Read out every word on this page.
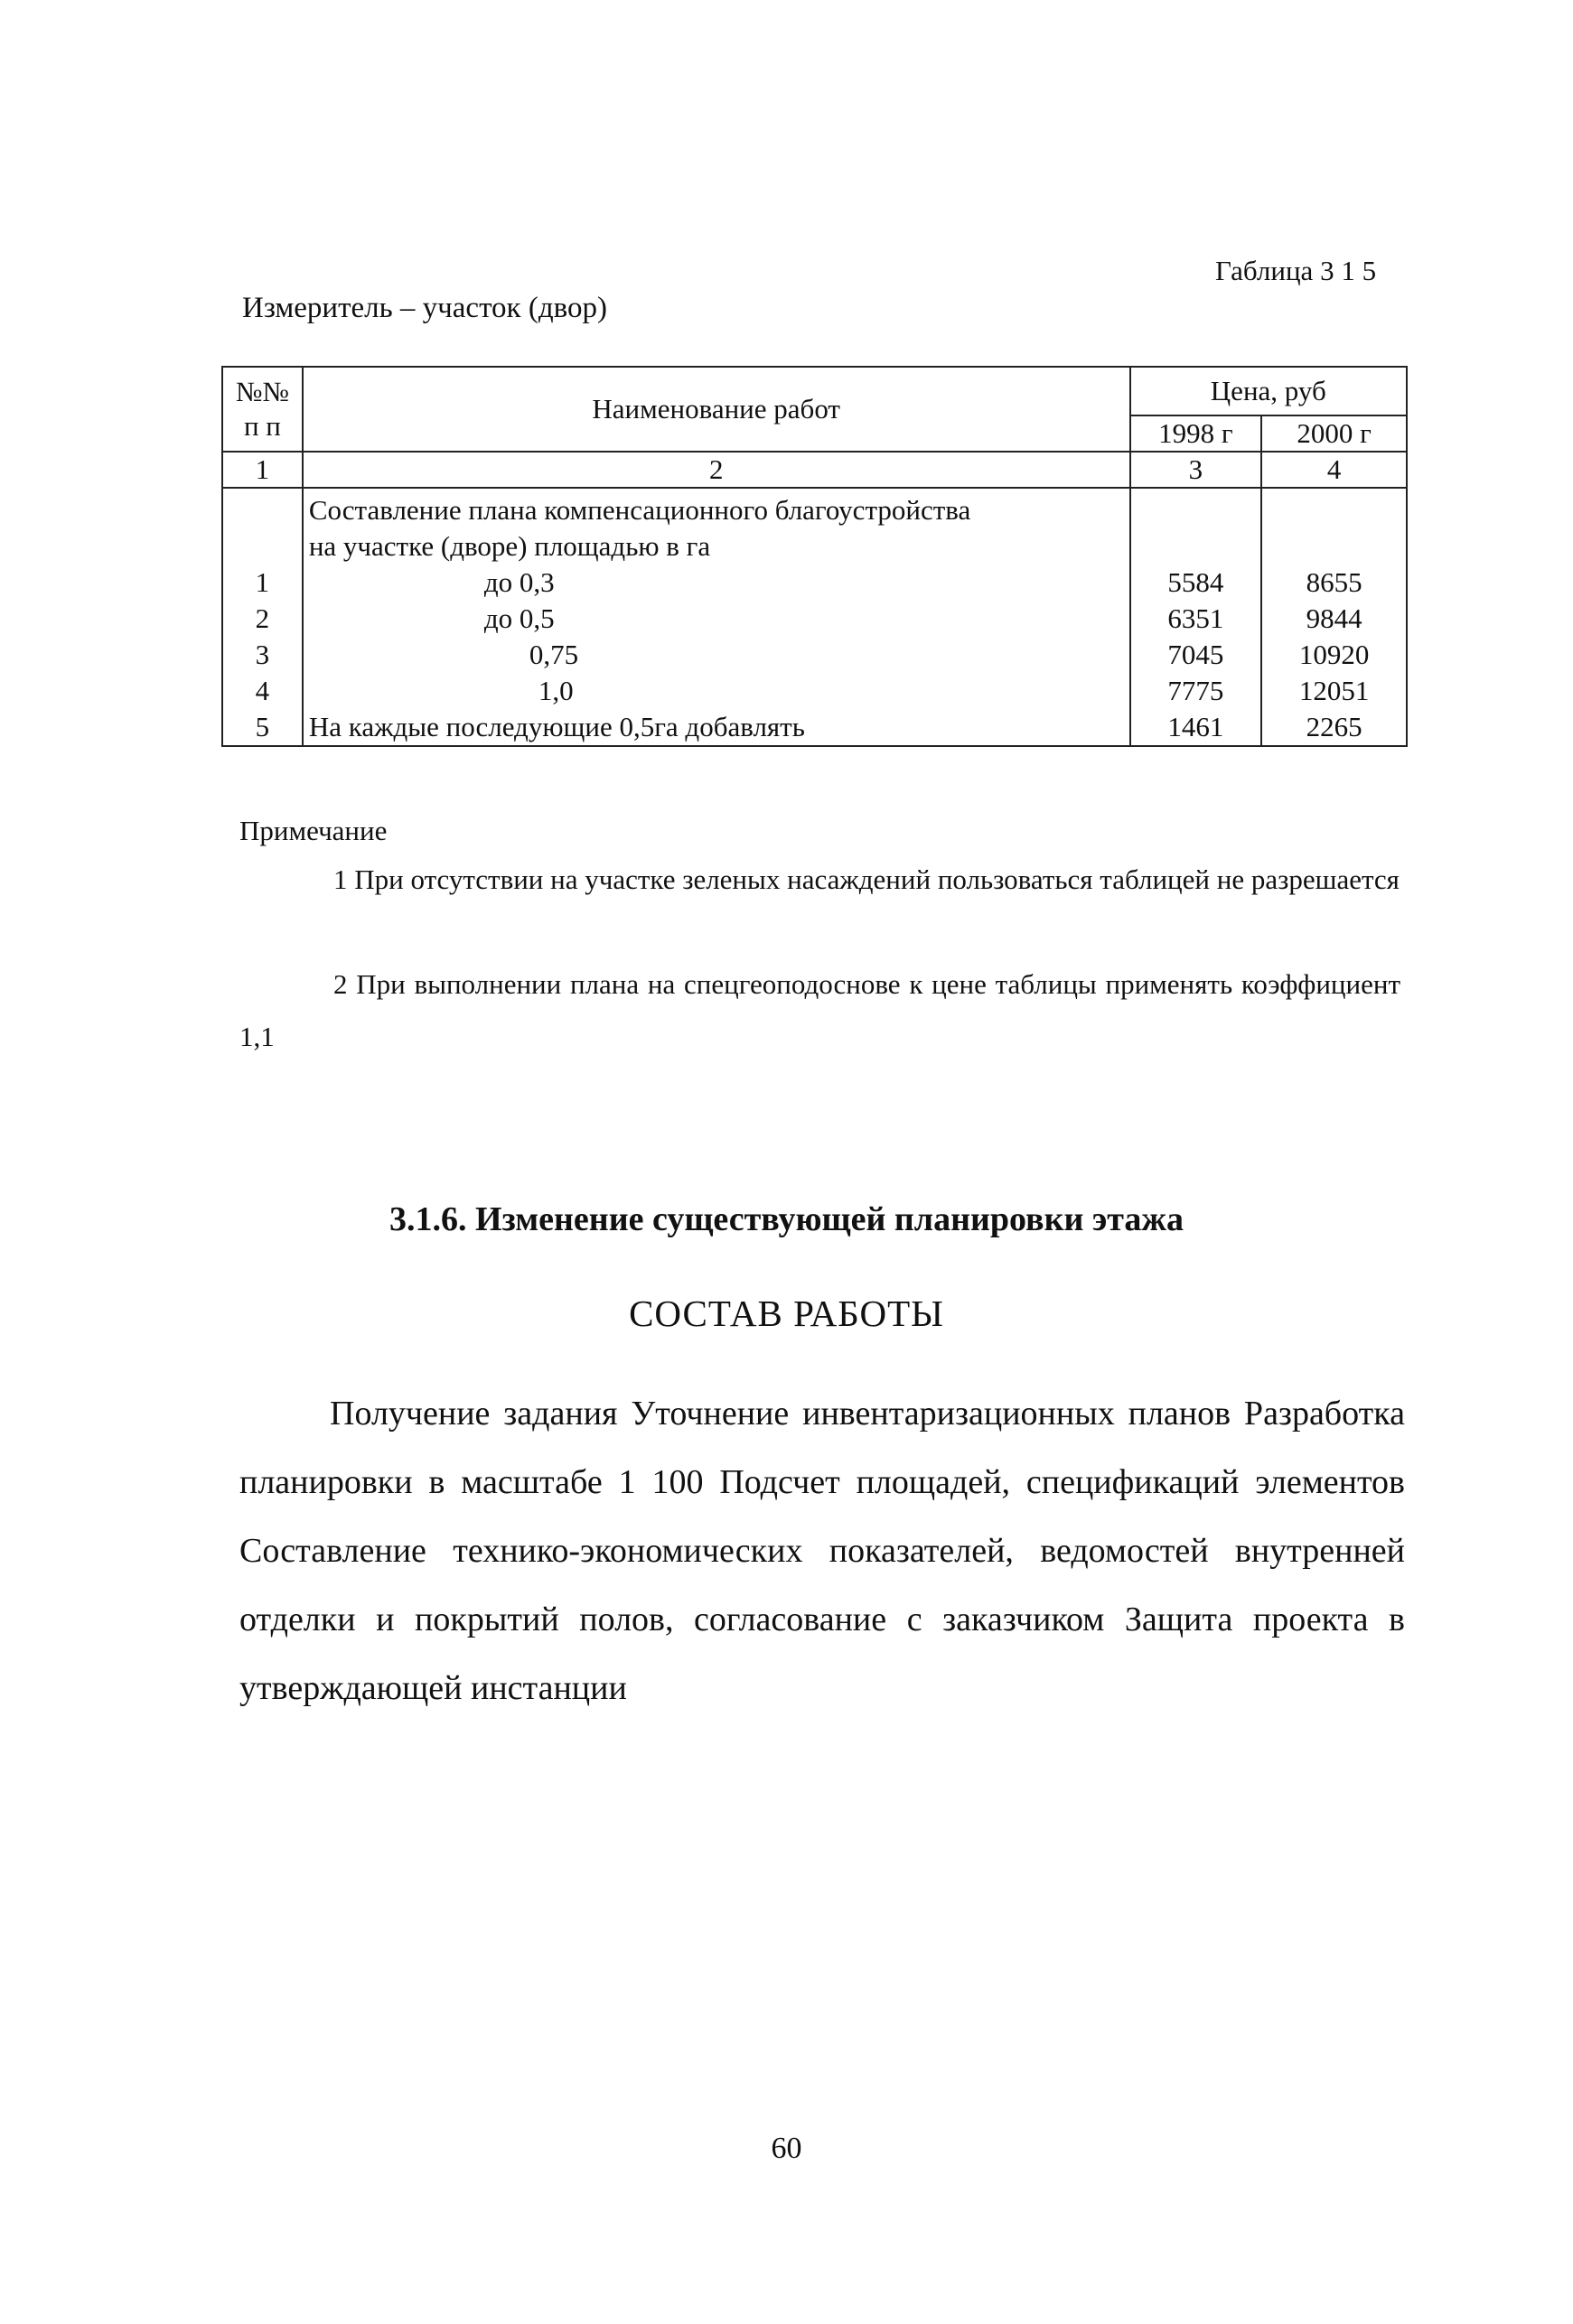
Габлица 3 1 5
Измеритель – участок (двор)
№№
п п	Наименование работ	Цена, руб	
		1998 г	2000 г
1	2	3	4
	Составление плана компенсационного благоустройства		
	на участке (дворе) площадью в га		
1	до 0,3	5584	8655
2	до 0,5	6351	9844
3	0,75	7045	10920
4	1,0	7775	12051
5	На каждые последующие 0,5га добавлять	1461	2265
Примечание
1 При отсутствии на участке зеленых насаждений пользоваться таблицей не разрешается
2 При выполнении плана на спецгеоподоснове к цене таблицы применять коэффициент 1,1
3.1.6. Изменение существующей планировки этажа
СОСТАВ РАБОТЫ
Получение задания Уточнение инвентаризационных планов Разработка планировки в масштабе 1 100 Подсчет площадей, спецификаций элементов Составление технико-экономических показателей, ведомостей внутренней отделки и покрытий полов, согласование с заказчиком Защита проекта в утверждающей инстанции
60
